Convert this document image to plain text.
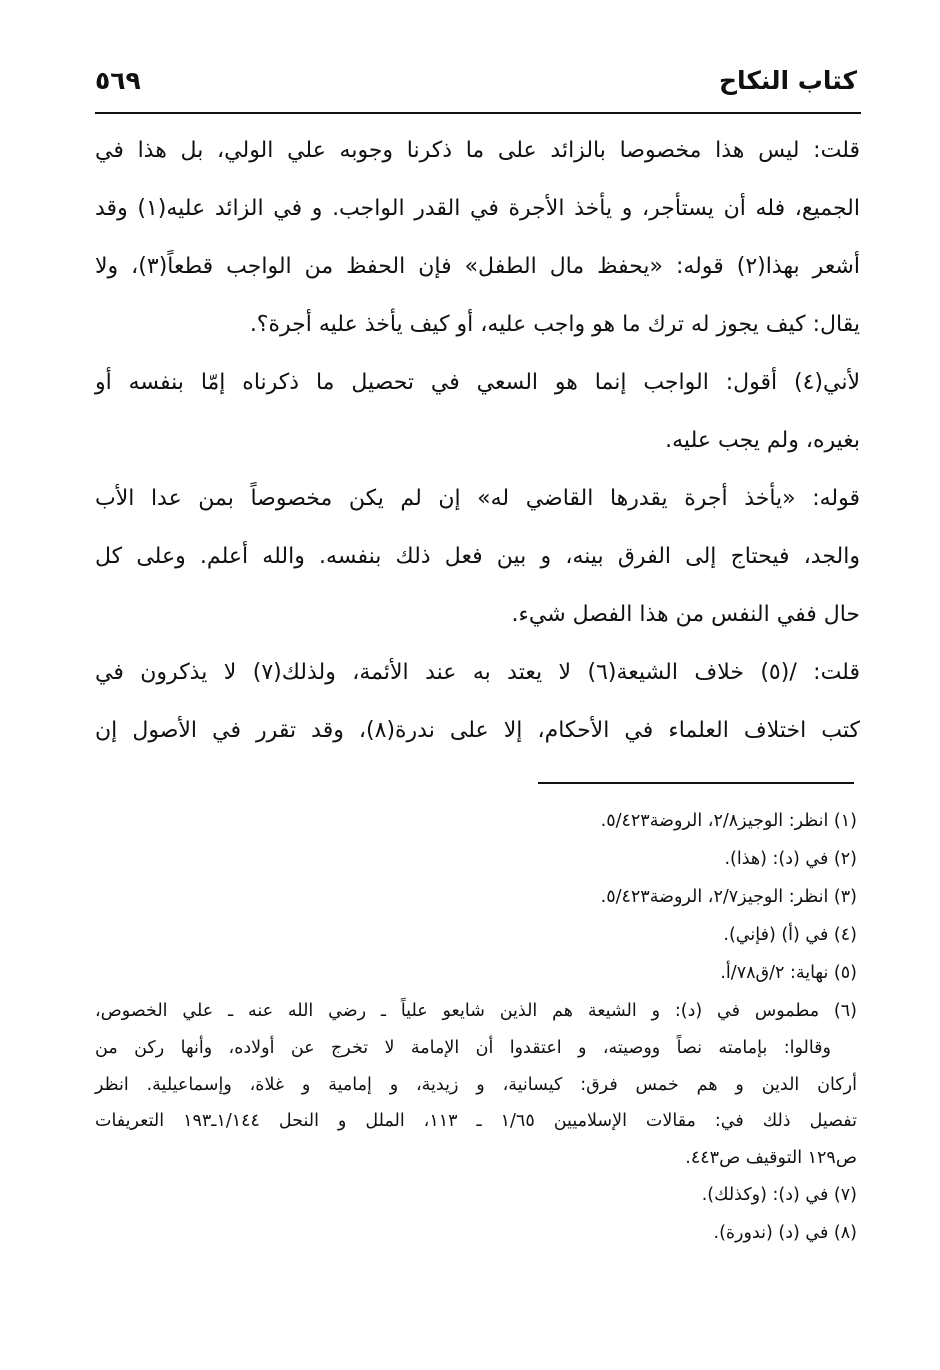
كتاب النكاح
٥٦٩
قلت: ليس هذا مخصوصا بالزائد على ما ذكرنا وجوبه علي الولي، بل هذا في
الجميع، فله أن يستأجر، و يأخذ الأجرة في القدر الواجب. و في الزائد عليه(١) وقد
أشعر بهذا(٢) قوله: «يحفظ مال الطفل» فإن الحفظ من الواجب قطعاً(٣)، ولا
يقال: كيف يجوز له ترك ما هو واجب عليه، أو كيف يأخذ عليه أجرة؟.
لأني(٤) أقول: الواجب إنما هو السعي في تحصيل ما ذكرناه إمّا بنفسه أو
بغيره، ولم يجب عليه.
قوله: «يأخذ أجرة يقدرها القاضي له» إن لم يكن مخصوصاً بمن عدا الأب
والجد، فيحتاج إلى الفرق بينه، و بين فعل ذلك بنفسه. والله أعلم. وعلى كل
حال ففي النفس من هذا الفصل شيء.
قلت: /(٥) خلاف الشيعة(٦) لا يعتد به عند الأئمة، ولذلك(٧) لا يذكرون في
كتب اختلاف العلماء في الأحكام، إلا على ندرة(٨)، وقد تقرر في الأصول إن
(١) انظر: الوجيز٢/٨، الروضة٥/٤٢٣.
(٢) في (د): (هذا).
(٣) انظر: الوجيز٢/٧، الروضة٥/٤٢٣.
(٤) في (أ) (فإني).
(٥) نهاية: ٢/ق٧٨/أ.
(٦) مطموس في (د): و الشيعة هم الذين شايعو علياً ـ رضي الله عنه ـ علي الخصوص،
وقالوا: بإمامته نصاً ووصيته، و اعتقدوا أن الإمامة لا تخرج عن أولاده، وأنها ركن من
أركان الدين و هم خمس فرق: كيسانية، و زيدية، و إمامية و غلاة، وإسماعيلية. انظر
تفصيل ذلك في: مقالات الإسلاميين ١/٦٥ ـ ١١٣، الملل و النحل ١/١٤٤ـ١٩٣ التعريفات
ص١٢٩ التوقيف ص٤٤٣.
(٧) في (د): (وكذلك).
(٨) في (د) (ندورة).
